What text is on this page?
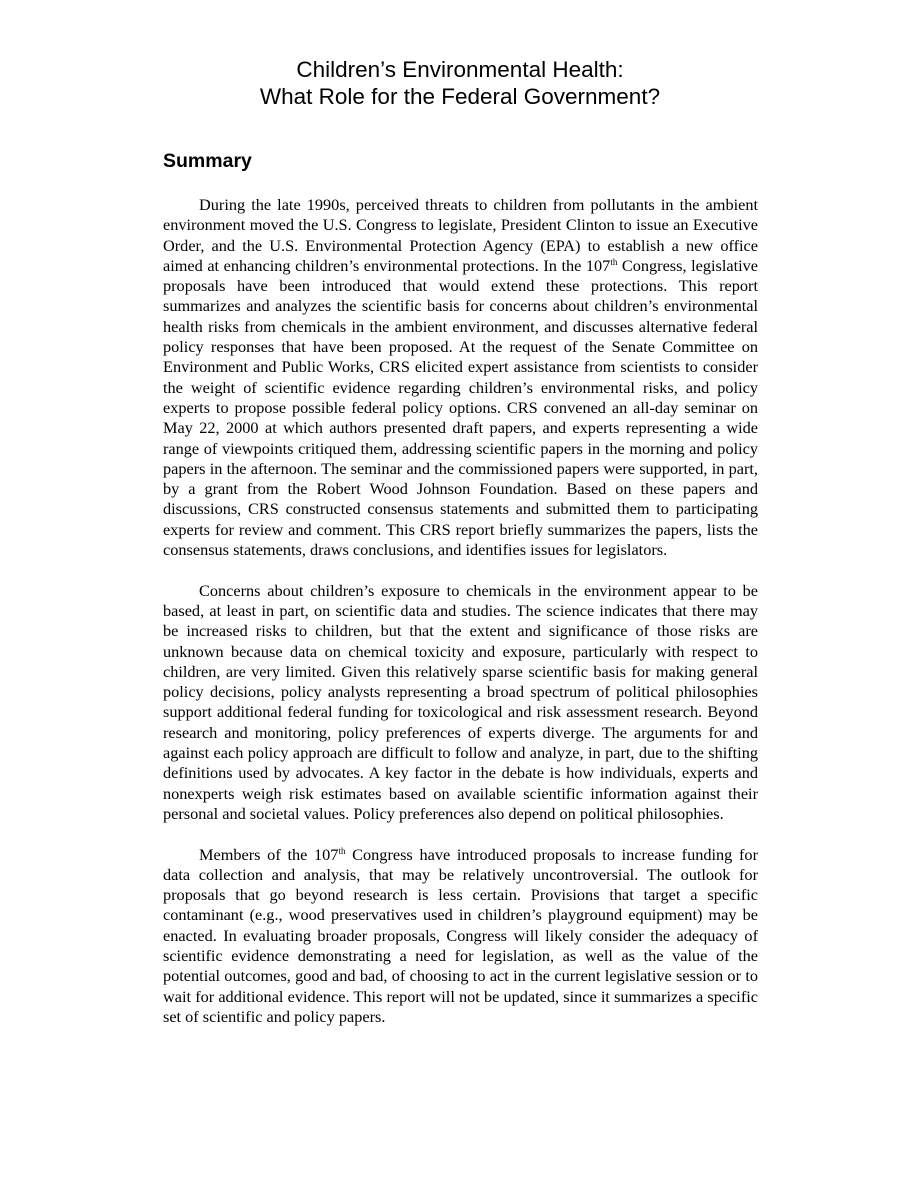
Children’s Environmental Health:
What Role for the Federal Government?
Summary

During the late 1990s, perceived threats to children from pollutants in the ambient environment moved the U.S. Congress to legislate, President Clinton to issue an Executive Order, and the U.S. Environmental Protection Agency (EPA) to establish a new office aimed at enhancing children’s environmental protections. In the 107th Congress, legislative proposals have been introduced that would extend these protections. This report summarizes and analyzes the scientific basis for concerns about children’s environmental health risks from chemicals in the ambient environment, and discusses alternative federal policy responses that have been proposed. At the request of the Senate Committee on Environment and Public Works, CRS elicited expert assistance from scientists to consider the weight of scientific evidence regarding children’s environmental risks, and policy experts to propose possible federal policy options. CRS convened an all-day seminar on May 22, 2000 at which authors presented draft papers, and experts representing a wide range of viewpoints critiqued them, addressing scientific papers in the morning and policy papers in the afternoon. The seminar and the commissioned papers were supported, in part, by a grant from the Robert Wood Johnson Foundation. Based on these papers and discussions, CRS constructed consensus statements and submitted them to participating experts for review and comment. This CRS report briefly summarizes the papers, lists the consensus statements, draws conclusions, and identifies issues for legislators.

Concerns about children’s exposure to chemicals in the environment appear to be based, at least in part, on scientific data and studies. The science indicates that there may be increased risks to children, but that the extent and significance of those risks are unknown because data on chemical toxicity and exposure, particularly with respect to children, are very limited. Given this relatively sparse scientific basis for making general policy decisions, policy analysts representing a broad spectrum of political philosophies support additional federal funding for toxicological and risk assessment research. Beyond research and monitoring, policy preferences of experts diverge. The arguments for and against each policy approach are difficult to follow and analyze, in part, due to the shifting definitions used by advocates. A key factor in the debate is how individuals, experts and nonexperts weigh risk estimates based on available scientific information against their personal and societal values. Policy preferences also depend on political philosophies.

Members of the 107th Congress have introduced proposals to increase funding for data collection and analysis, that may be relatively uncontroversial. The outlook for proposals that go beyond research is less certain. Provisions that target a specific contaminant (e.g., wood preservatives used in children’s playground equipment) may be enacted. In evaluating broader proposals, Congress will likely consider the adequacy of scientific evidence demonstrating a need for legislation, as well as the value of the potential outcomes, good and bad, of choosing to act in the current legislative session or to wait for additional evidence. This report will not be updated, since it summarizes a specific set of scientific and policy papers.
